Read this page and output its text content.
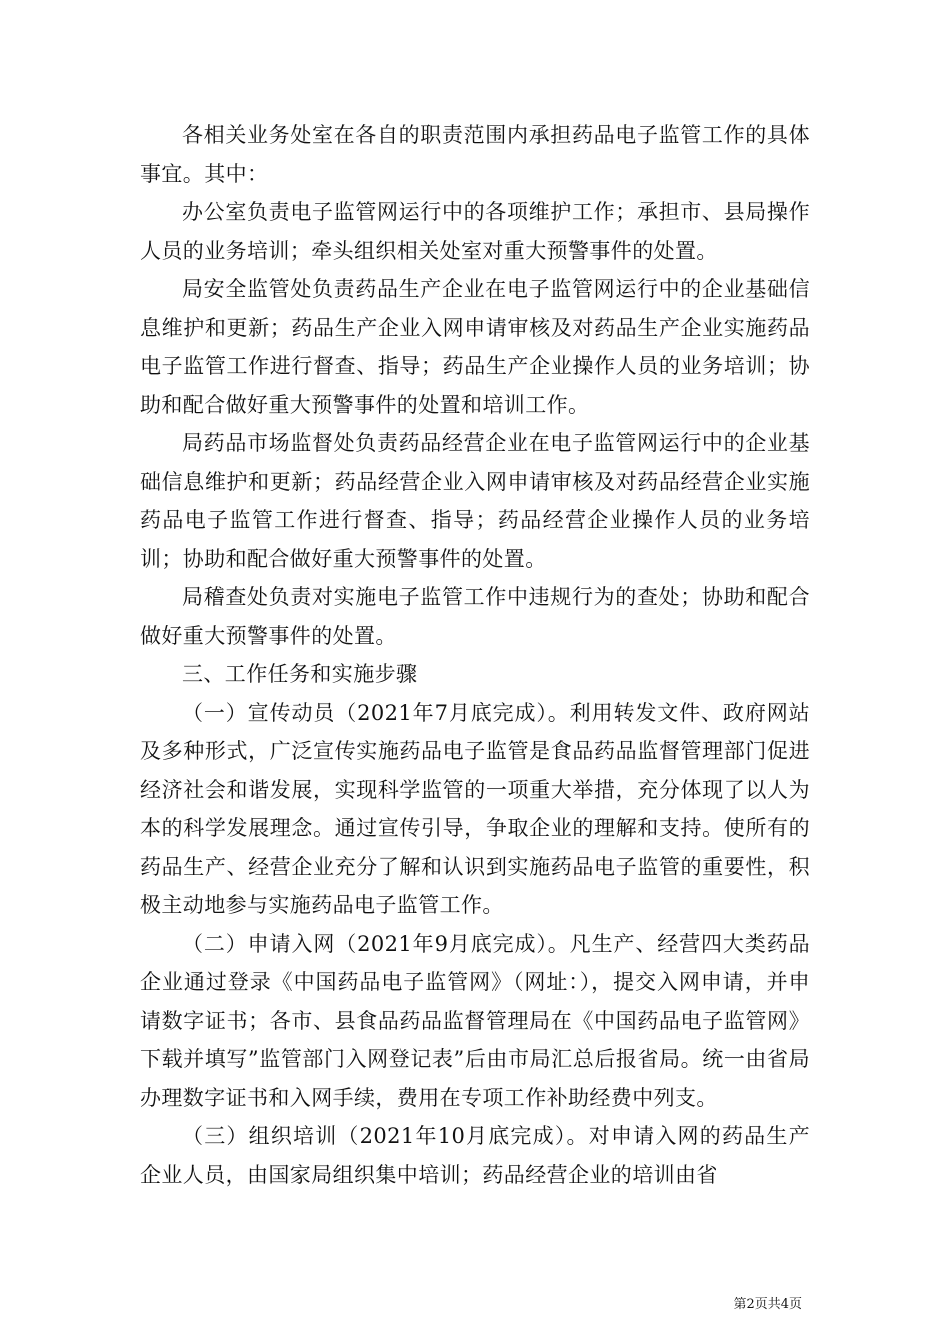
各相关业务处室在各自的职责范围内承担药品电子监管工作的具体事宜。其中：

办公室负责电子监管网运行中的各项维护工作；承担市、县局操作人员的业务培训；牵头组织相关处室对重大预警事件的处置。

局安全监管处负责药品生产企业在电子监管网运行中的企业基础信息维护和更新；药品生产企业入网申请审核及对药品生产企业实施药品电子监管工作进行督查、指导；药品生产企业操作人员的业务培训；协助和配合做好重大预警事件的处置和培训工作。

局药品市场监督处负责药品经营企业在电子监管网运行中的企业基础信息维护和更新；药品经营企业入网申请审核及对药品经营企业实施药品电子监管工作进行督查、指导；药品经营企业操作人员的业务培训；协助和配合做好重大预警事件的处置。

局稽查处负责对实施电子监管工作中违规行为的查处；协助和配合做好重大预警事件的处置。

三、工作任务和实施步骤

（一）宣传动员（2021年7月底完成）。利用转发文件、政府网站及多种形式，广泛宣传实施药品电子监管是食品药品监督管理部门促进经济社会和谐发展，实现科学监管的一项重大举措，充分体现了以人为本的科学发展理念。通过宣传引导，争取企业的理解和支持。使所有的药品生产、经营企业充分了解和认识到实施药品电子监管的重要性，积极主动地参与实施药品电子监管工作。

（二）申请入网（2021年9月底完成）。凡生产、经营四大类药品企业通过登录《中国药品电子监管网》（网址：），提交入网申请，并申请数字证书；各市、县食品药品监督管理局在《中国药品电子监管网》下载并填写”监管部门入网登记表”后由市局汇总后报省局。统一由省局办理数字证书和入网手续，费用在专项工作补助经费中列支。

（三）组织培训（2021年10月底完成）。对申请入网的药品生产企业人员，由国家局组织集中培训；药品经营企业的培训由省

第2页共4页
